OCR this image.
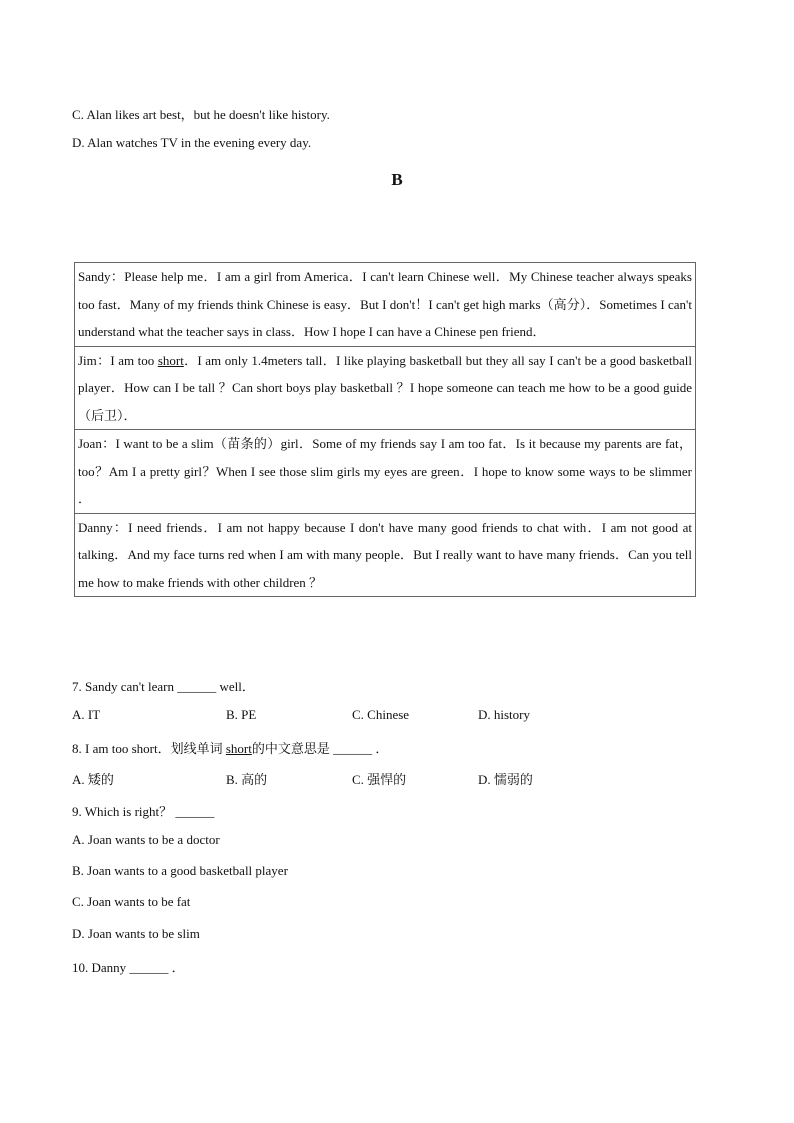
C. Alan likes art best，but he doesn't like history.
D. Alan watches TV in the evening every day.
B
Sandy：Please help me．I am a girl from America．I can't learn Chinese well．My Chinese teacher always speaks too fast．Many of my friends think Chinese is easy．But I don't！I can't get high marks（高分）．Sometimes I can't understand what the teacher says in class．How I hope I can have a Chinese pen friend．
Jim：I am too short．I am only 1.4meters tall．I like playing basketball but they all say I can't be a good basketball player．How can I be tall ？Can short boys play basketball ？I hope someone can teach me how to be a good guide（后卫）．
Joan：I want to be a slim（苗条的）girl．Some of my friends say I am too fat．Is it because my parents are fat，too？Am I a pretty girl？When I see those slim girls my eyes are green．I hope to know some ways to be slimmer ．
Danny：I need friends．I am not happy because I don't have many good friends to chat with．I am not good at talking．And my face turns red when I am with many people．But I really want to have many friends．Can you tell me how to make friends with other children ？
7. Sandy can't learn ______ well．
A. IT	B. PE	C. Chinese	D. history
8. I am too short．划线单词 short的中文意思是 ______ ．
A. 矮的	B. 高的	C. 强悍的	D. 懦弱的
9. Which is right？ ______
A. Joan wants to be a doctor
B. Joan wants to a good basketball player
C. Joan wants to be fat
D. Joan wants to be slim
10. Danny ______ ．
